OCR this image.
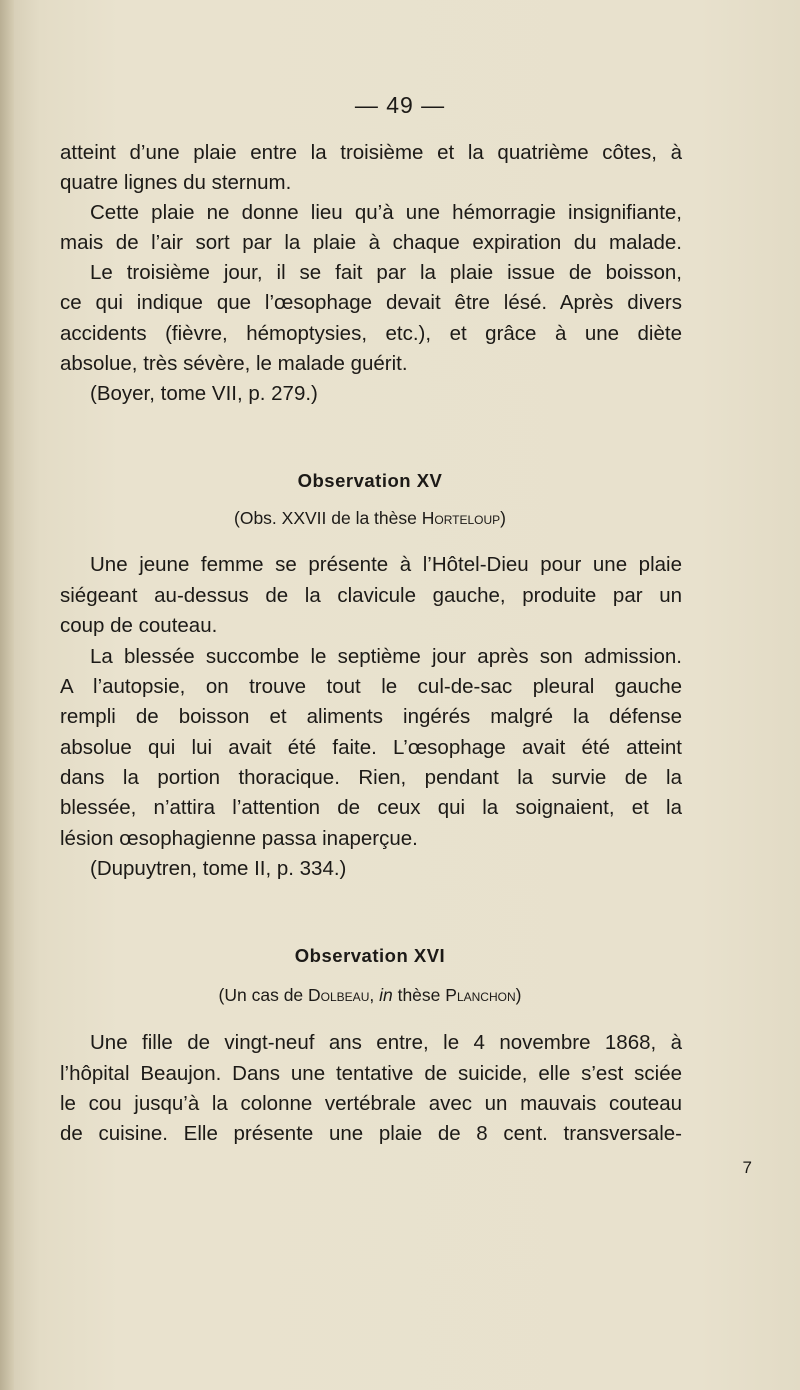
— 49 —
atteint d’une plaie entre la troisième et la quatrième côtes, à
quatre lignes du sternum.
Cette plaie ne donne lieu qu’à une hémorragie insignifiante,
mais de l’air sort par la plaie à chaque expiration du malade.
Le troisième jour, il se fait par la plaie issue de boisson,
ce qui indique que l’œsophage devait être lésé. Après divers
accidents (fièvre, hémoptysies, etc.), et grâce à une diète
absolue, très sévère, le malade guérit.
(Boyer, tome VII, p. 279.)
Observation XV
(Obs. XXVII de la thèse Horteloup)
Une jeune femme se présente à l’Hôtel-Dieu pour une plaie
siégeant au-dessus de la clavicule gauche, produite par un
coup de couteau.
La blessée succombe le septième jour après son admission.
A l’autopsie, on trouve tout le cul-de-sac pleural gauche
rempli de boisson et aliments ingérés malgré la défense
absolue qui lui avait été faite. L’œsophage avait été atteint
dans la portion thoracique. Rien, pendant la survie de la
blessée, n’attira l’attention de ceux qui la soignaient, et la
lésion œsophagienne passa inaperçue.
(Dupuytren, tome II, p. 334.)
Observation XVI
(Un cas de Dolbeau, in thèse Planchon)
Une fille de vingt-neuf ans entre, le 4 novembre 1868, à
l’hôpital Beaujon. Dans une tentative de suicide, elle s’est sciée
le cou jusqu’à la colonne vertébrale avec un mauvais couteau
de cuisine. Elle présente une plaie de 8 cent. transversale-
7
